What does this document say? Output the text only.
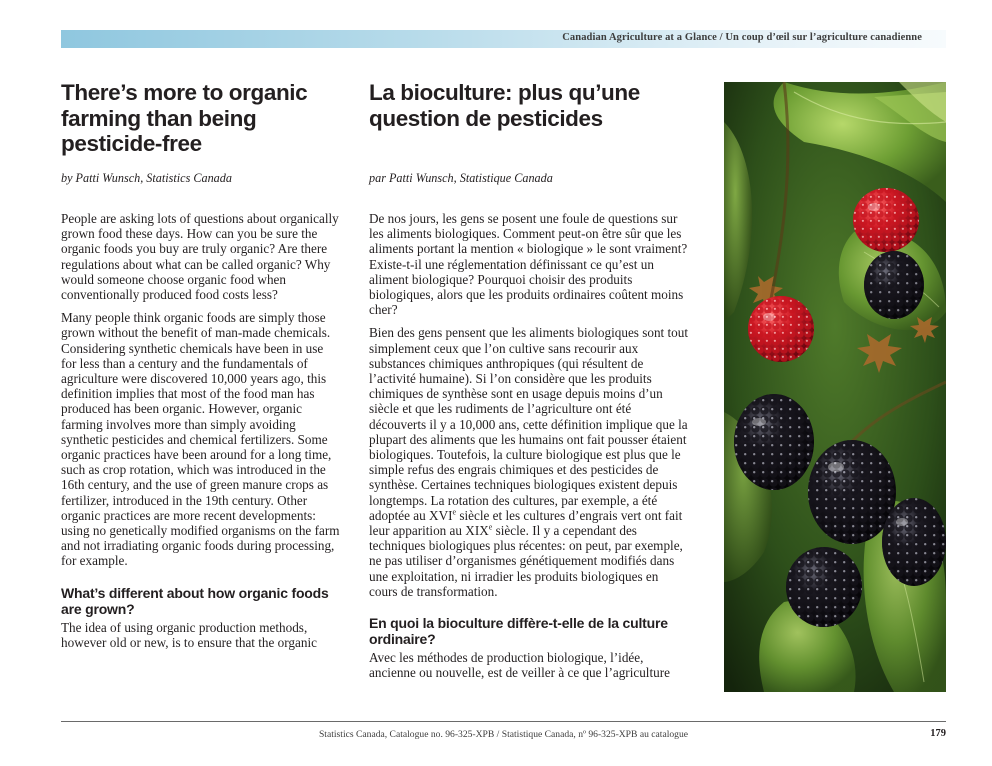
Canadian Agriculture at a Glance / Un coup d’œil sur l’agriculture canadienne
There’s more to organic farming than being pesticide-free

by Patti Wunsch, Statistics Canada

People are asking lots of questions about organically grown food these days. How can you be sure the organic foods you buy are truly organic? Are there regulations about what can be called organic? Why would someone choose organic food when conventionally produced food costs less?

Many people think organic foods are simply those grown without the benefit of man-made chemicals. Considering synthetic chemicals have been in use for less than a century and the fundamentals of agriculture were discovered 10,000 years ago, this definition implies that most of the food man has produced has been organic. However, organic farming involves more than simply avoiding synthetic pesticides and chemical fertilizers. Some organic practices have been around for a long time, such as crop rotation, which was introduced in the 16th century, and the use of green manure crops as fertilizer, introduced in the 19th century. Other organic practices are more recent developments: using no genetically modified organisms on the farm and not irradiating organic foods during processing, for example.

What’s different about how organic foods are grown?

The idea of using organic production methods, however old or new, is to ensure that the organic

La bioculture: plus qu’une question de pesticides

par Patti Wunsch, Statistique Canada

De nos jours, les gens se posent une foule de questions sur les aliments biologiques. Comment peut-on être sûr que les aliments portant la mention « biologique » le sont vraiment? Existe-t-il une réglementation définissant ce qu’est un aliment biologique? Pourquoi choisir des produits biologiques, alors que les produits ordinaires coûtent moins cher?

Bien des gens pensent que les aliments biologiques sont tout simplement ceux que l’on cultive sans recourir aux substances chimiques anthropiques (qui résultent de l’activité humaine). Si l’on considère que les produits chimiques de synthèse sont en usage depuis moins d’un siècle et que les rudiments de l’agriculture ont été découverts il y a 10,000 ans, cette définition implique que la plupart des aliments que les humains ont fait pousser étaient biologiques. Toutefois, la culture biologique est plus que le simple refus des engrais chimiques et des pesticides de synthèse. Certaines techniques biologiques existent depuis longtemps. La rotation des cultures, par exemple, a été adoptée au XVIe siècle et les cultures d’engrais vert ont fait leur apparition au XIXe siècle. Il y a cependant des techniques biologiques plus récentes: on peut, par exemple, ne pas utiliser d’organismes génétiquement modifiés dans une exploitation, ni irradier les produits biologiques en cours de transformation.

En quoi la bioculture diffère-t-elle de la culture ordinaire?

Avec les méthodes de production biologique, l’idée, ancienne ou nouvelle, est de veiller à ce que l’agriculture

Statistics Canada, Catalogue no. 96-325-XPB / Statistique Canada, nº 96-325-XPB au catalogue	179
